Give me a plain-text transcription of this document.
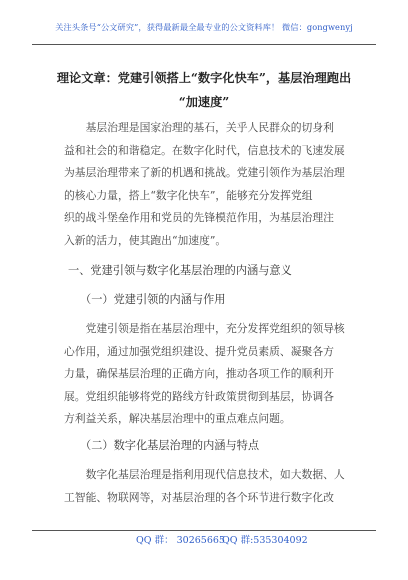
关注头条号“公文研究”，获得最新最全最专业的公文资料库！ 微信：gongwenyj
理论文章：党建引领搭上“数字化快车”，基层治理跑出
“加速度”
　　基层治理是国家治理的基石，关乎人民群众的切身利
益和社会的和谐稳定。在数字化时代，信息技术的飞速发展
为基层治理带来了新的机遇和挑战。党建引领作为基层治理
的核心力量，搭上“数字化快车”，能够充分发挥党组
织的战斗堡垒作用和党员的先锋模范作用，为基层治理注
入新的活力，使其跑出“加速度”。
一、党建引领与数字化基层治理的内涵与意义
（一）党建引领的内涵与作用
　　党建引领是指在基层治理中，充分发挥党组织的领导核
心作用，通过加强党组织建设、提升党员素质、凝聚各方
力量，确保基层治理的正确方向，推动各项工作的顺利开
展。党组织能够将党的路线方针政策贯彻到基层，协调各
方利益关系，解决基层治理中的重点难点问题。
（二）数字化基层治理的内涵与特点
　　数字化基层治理是指利用现代信息技术，如大数据、人
工智能、物联网等，对基层治理的各个环节进行数字化改
QQ 群： 30265665
QQ 群:535304092
